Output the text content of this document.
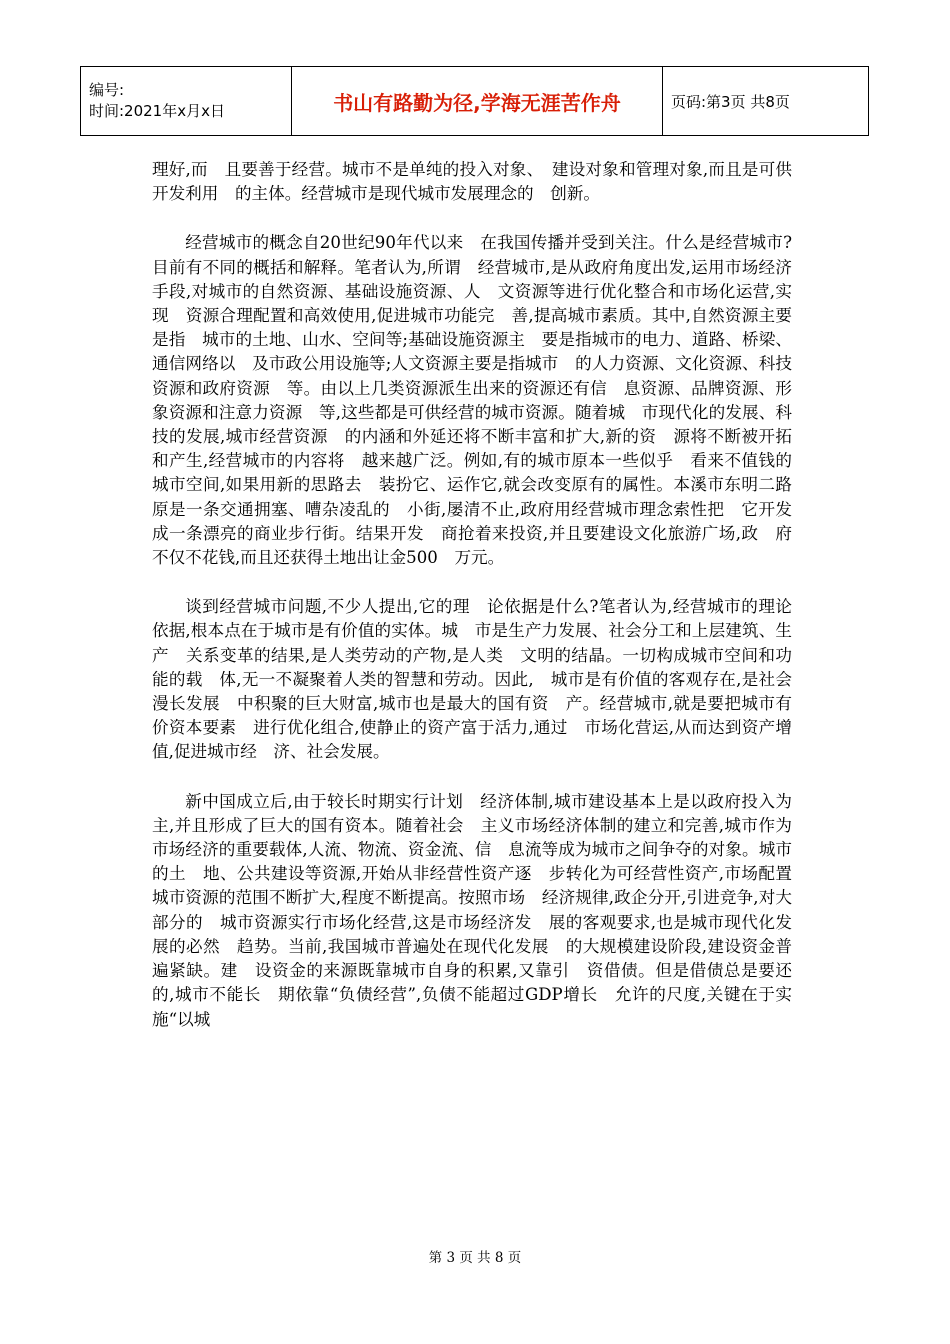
编号:
时间:2021年x月x日	书山有路勤为径,学海无涯苦作舟	页码:第3页 共8页

理好,而　且要善于经营。城市不是单纯的投入对象、　建设对象和管理对象,而且是可供开发利用　的主体。经营城市是现代城市发展理念的　创新。

经营城市的概念自20世纪90年代以来　在我国传播并受到关注。什么是经营城市?　目前有不同的概括和解释。笔者认为,所谓　经营城市,是从政府角度出发,运用市场经济　手段,对城市的自然资源、基础设施资源、人　文资源等进行优化整合和市场化运营,实现　资源合理配置和高效使用,促进城市功能完　善,提高城市素质。其中,自然资源主要是指　城市的土地、山水、空间等;基础设施资源主　要是指城市的电力、道路、桥梁、通信网络以　及市政公用设施等;人文资源主要是指城市　的人力资源、文化资源、科技资源和政府资源　等。由以上几类资源派生出来的资源还有信　息资源、品牌资源、形象资源和注意力资源　等,这些都是可供经营的城市资源。随着城　市现代化的发展、科技的发展,城市经营资源　的内涵和外延还将不断丰富和扩大,新的资　源将不断被开拓和产生,经营城市的内容将　越来越广泛。例如,有的城市原本一些似乎　看来不值钱的城市空间,如果用新的思路去　装扮它、运作它,就会改变原有的属性。本溪市东明二路原是一条交通拥塞、嘈杂凌乱的　小街,屡清不止,政府用经营城市理念索性把　它开发成一条漂亮的商业步行街。结果开发　商抢着来投资,并且要建设文化旅游广场,政　府不仅不花钱,而且还获得土地出让金500　万元。

谈到经营城市问题,不少人提出,它的理　论依据是什么?笔者认为,经营城市的理论　依据,根本点在于城市是有价值的实体。城　市是生产力发展、社会分工和上层建筑、生产　关系变革的结果,是人类劳动的产物,是人类　文明的结晶。一切构成城市空间和功能的载　体,无一不凝聚着人类的智慧和劳动。因此,　城市是有价值的客观存在,是社会漫长发展　中积聚的巨大财富,城市也是最大的国有资　产。经营城市,就是要把城市有价资本要素　进行优化组合,使静止的资产富于活力,通过　市场化营运,从而达到资产增值,促进城市经　济、社会发展。

新中国成立后,由于较长时期实行计划　经济体制,城市建设基本上是以政府投入为　主,并且形成了巨大的国有资本。随着社会　主义市场经济体制的建立和完善,城市作为　市场经济的重要载体,人流、物流、资金流、信　息流等成为城市之间争夺的对象。城市的土　地、公共建设等资源,开始从非经营性资产逐　步转化为可经营性资产,市场配置城市资源的范围不断扩大,程度不断提高。按照市场　经济规律,政企分开,引进竞争,对大部分的　城市资源实行市场化经营,这是市场经济发　展的客观要求,也是城市现代化发展的必然　趋势。当前,我国城市普遍处在现代化发展　的大规模建设阶段,建设资金普遍紧缺。建　设资金的来源既靠城市自身的积累,又靠引　资借债。但是借债总是要还的,城市不能长　期依靠“负债经营”,负债不能超过GDP增长　允许的尺度,关键在于实施“以城

第 3 页 共 8 页
